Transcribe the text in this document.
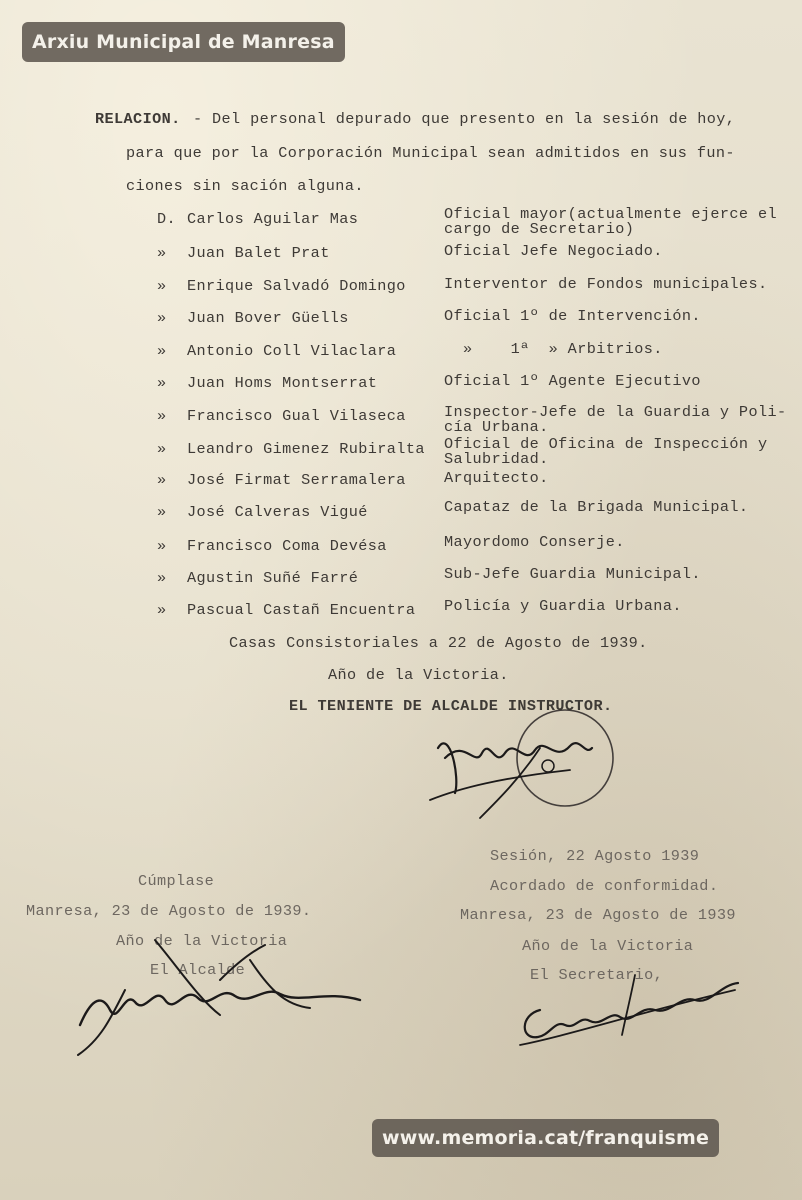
Arxiu Municipal de Manresa
RELACION. - Del personal depurado que presento en la sesión de hoy,
para que por la Corporación Municipal sean admitidos en sus fun-
ciones sin sación alguna.
D. Carlos Aguilar Mas	Oficial mayor(actualmente ejerce el
cargo de Secretario)
» Juan Balet Prat	Oficial Jefe Negociado.
» Enrique Salvadó Domingo	Interventor de Fondos municipales.
» Juan Bover Güells	Oficial 1º de Intervención.
» Antonio Coll Vilaclara	»    1ª  » Arbitrios.
» Juan Homs Montserrat	Oficial 1º Agente Ejecutivo
» Francisco Gual Vilaseca	Inspector-Jefe de la Guardia y Poli-
cía Urbana.
» Leandro Gimenez Rubiralta Oficial de Oficina de Inspección y
Salubridad.
» José Firmat Serramalera	Arquitecto.
» José Calveras Vigué	Capataz de la Brigada Municipal.
» Francisco Coma Devésa	Mayordomo Conserje.
» Agustin Suñé Farré	Sub-Jefe Guardia Municipal.
» Pascual Castañ Encuentra Policía y Guardia Urbana.
Casas Consistoriales a 22 de Agosto de 1939.
Año de la Victoria.
EL TENIENTE DE ALCALDE INSTRUCTOR.
Cúmplase
Manresa, 23 de Agosto de 1939.
Año de la Victoria
El Alcalde
Sesión, 22 Agosto 1939
Acordado de conformidad.
Manresa, 23 de Agosto de 1939
Año de la Victoria
El Secretario,
www.memoria.cat/franquisme
